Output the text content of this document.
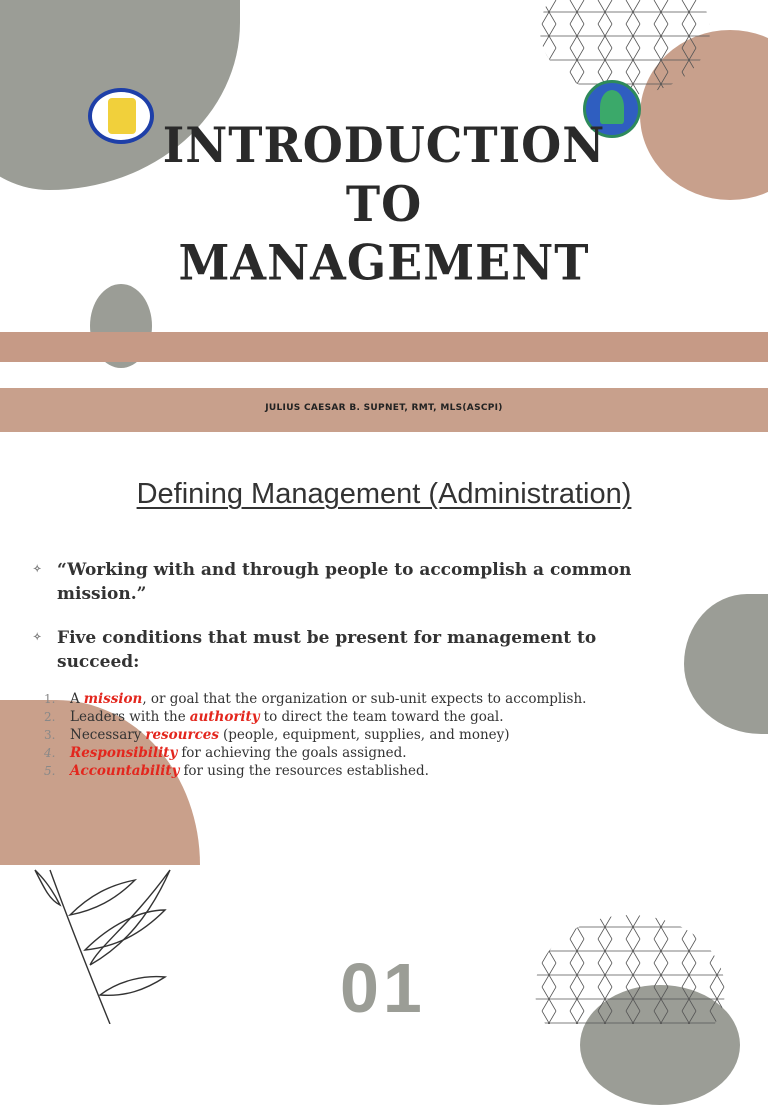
INTRODUCTION
TO
MANAGEMENT
JULIUS CAESAR B. SUPNET, RMT, MLS(ASCPI)
Defining Management (Administration)
✧ “Working with and through people to accomplish a common mission.”
✧ Five conditions that must be present for management to succeed:
1.	A mission , or goal that the organization or sub-unit expects to accomplish.
2.	Leaders with the authority to direct the team toward the goal.
3.	Necessary resources (people, equipment, supplies, and money)
4.	Responsibility for achieving the goals assigned.
5.	Accountability for using the resources established.
01
